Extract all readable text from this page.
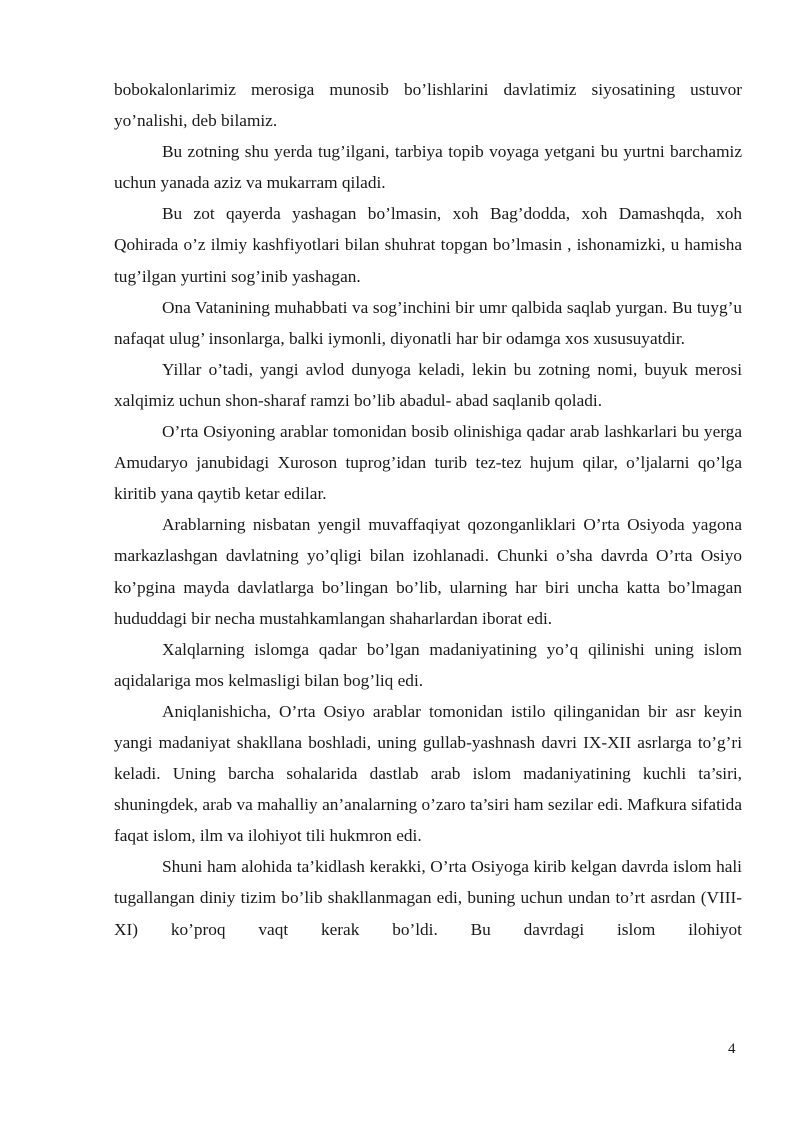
bobokalonlarimiz merosiga munosib bo’lishlarini davlatimiz siyosatining ustuvor yo’nalishi, deb bilamiz.

Bu zotning shu yerda tug’ilgani, tarbiya topib voyaga yetgani bu yurtni barchamiz uchun yanada aziz va mukarram qiladi.

Bu zot qayerda yashagan bo’lmasin, xoh Bag’dodda, xoh Damashqda, xoh Qohirada o’z ilmiy kashfiyotlari bilan shuhrat topgan bo’lmasin , ishonamizki, u hamisha tug’ilgan yurtini sog’inib yashagan.

Ona Vatanining muhabbati va sog’inchini bir umr qalbida saqlab yurgan. Bu tuyg’u nafaqat ulug’ insonlarga, balki iymonli, diyonatli har bir odamga xos xususuyatdir.

Yillar o’tadi, yangi avlod dunyoga keladi, lekin bu zotning nomi, buyuk merosi xalqimiz uchun shon-sharaf ramzi bo’lib abadul- abad saqlanib qoladi.

O’rta Osiyoning arablar tomonidan bosib olinishiga qadar arab lashkarlari bu yerga Amudaryo janubidagi Xuroson tuprog’idan turib tez-tez hujum qilar, o’ljalarni qo’lga kiritib yana qaytib ketar edilar.

Arablarning nisbatan yengil muvaffaqiyat qozonganliklari O’rta Osiyoda yagona markazlashgan davlatning yo’qligi bilan izohlanadi. Chunki o’sha davrda O’rta Osiyo ko’pgina mayda davlatlarga bo’lingan bo’lib, ularning har biri uncha katta bo’lmagan hududdagi bir necha mustahkamlangan shaharlardan iborat edi.

Xalqlarning islomga qadar bo’lgan madaniyatining yo’q qilinishi uning islom aqidalariga mos kelmasligi bilan bog’liq edi.

Aniqlanishicha, O’rta Osiyo arablar tomonidan istilo qilinganidan bir asr keyin yangi madaniyat shakllana boshladi, uning gullab-yashnash davri IX-XII asrlarga to’g’ri keladi. Uning barcha sohalarida dastlab arab islom madaniyatining kuchli ta’siri, shuningdek, arab va mahalliy an’analarning o’zaro ta’siri ham sezilar edi. Mafkura sifatida faqat islom, ilm va ilohiyot tili hukmron edi.

Shuni ham alohida ta’kidlash kerakki, O’rta Osiyoga kirib kelgan davrda islom hali tugallangan diniy tizim bo’lib shakllanmagan edi, buning uchun undan to’rt asrdan (VIII-XI) ko’proq vaqt kerak bo’ldi. Bu davrdagi islom ilohiyot

4
